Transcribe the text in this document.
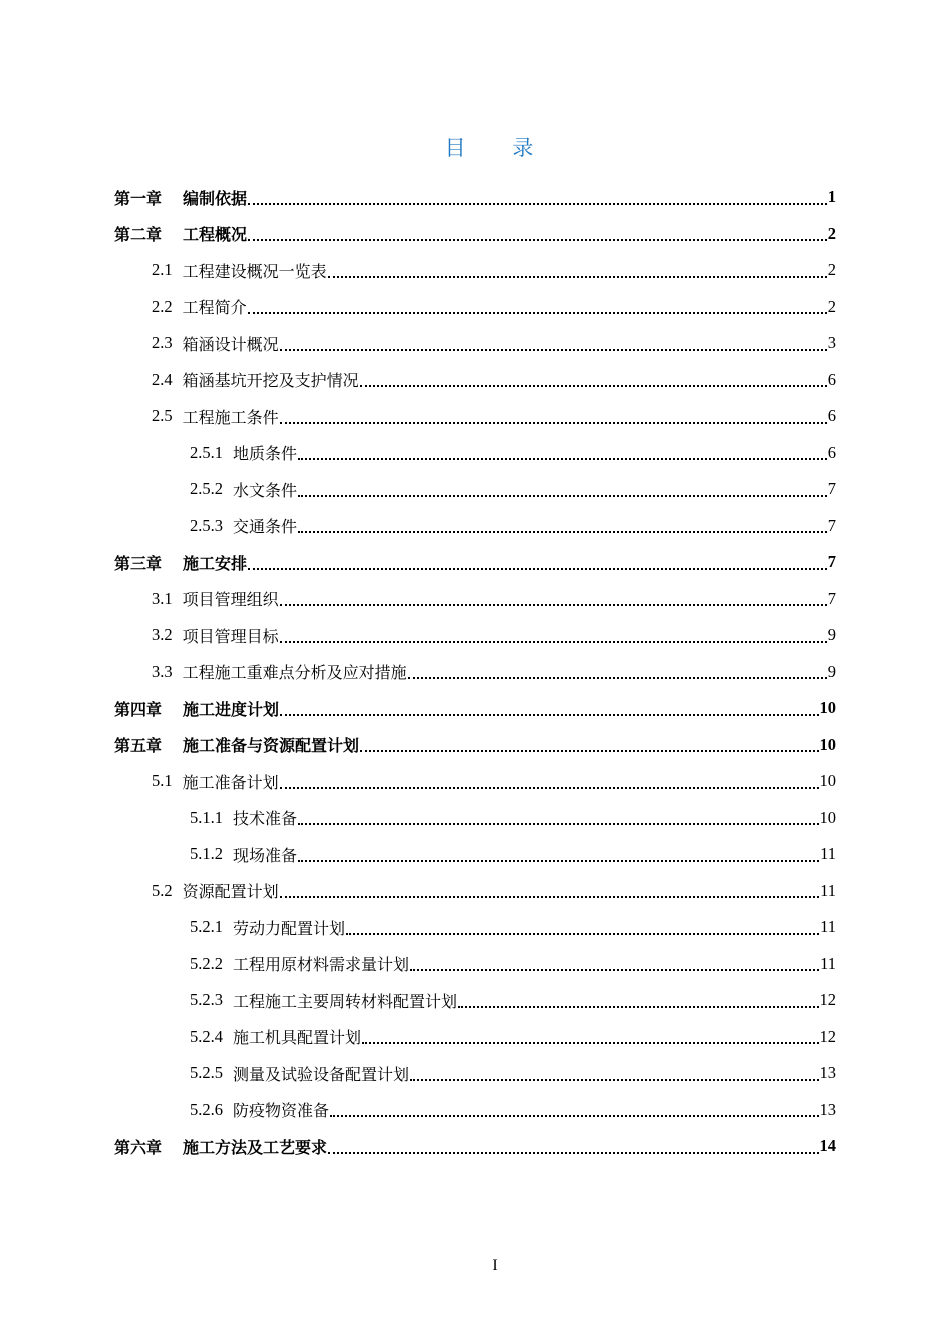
目 录
第一章 编制依据	1
第二章 工程概况	2
2.1 工程建设概况一览表	2
2.2 工程简介	2
2.3 箱涵设计概况	3
2.4 箱涵基坑开挖及支护情况	6
2.5 工程施工条件	6
2.5.1 地质条件	6
2.5.2 水文条件	7
2.5.3 交通条件	7
第三章 施工安排	7
3.1 项目管理组织	7
3.2 项目管理目标	9
3.3 工程施工重难点分析及应对措施	9
第四章 施工进度计划	10
第五章 施工准备与资源配置计划	10
5.1 施工准备计划	10
5.1.1 技术准备	10
5.1.2 现场准备	11
5.2 资源配置计划	11
5.2.1 劳动力配置计划	11
5.2.2 工程用原材料需求量计划	11
5.2.3 工程施工主要周转材料配置计划	12
5.2.4 施工机具配置计划	12
5.2.5 测量及试验设备配置计划	13
5.2.6 防疫物资准备	13
第六章 施工方法及工艺要求	14
I
